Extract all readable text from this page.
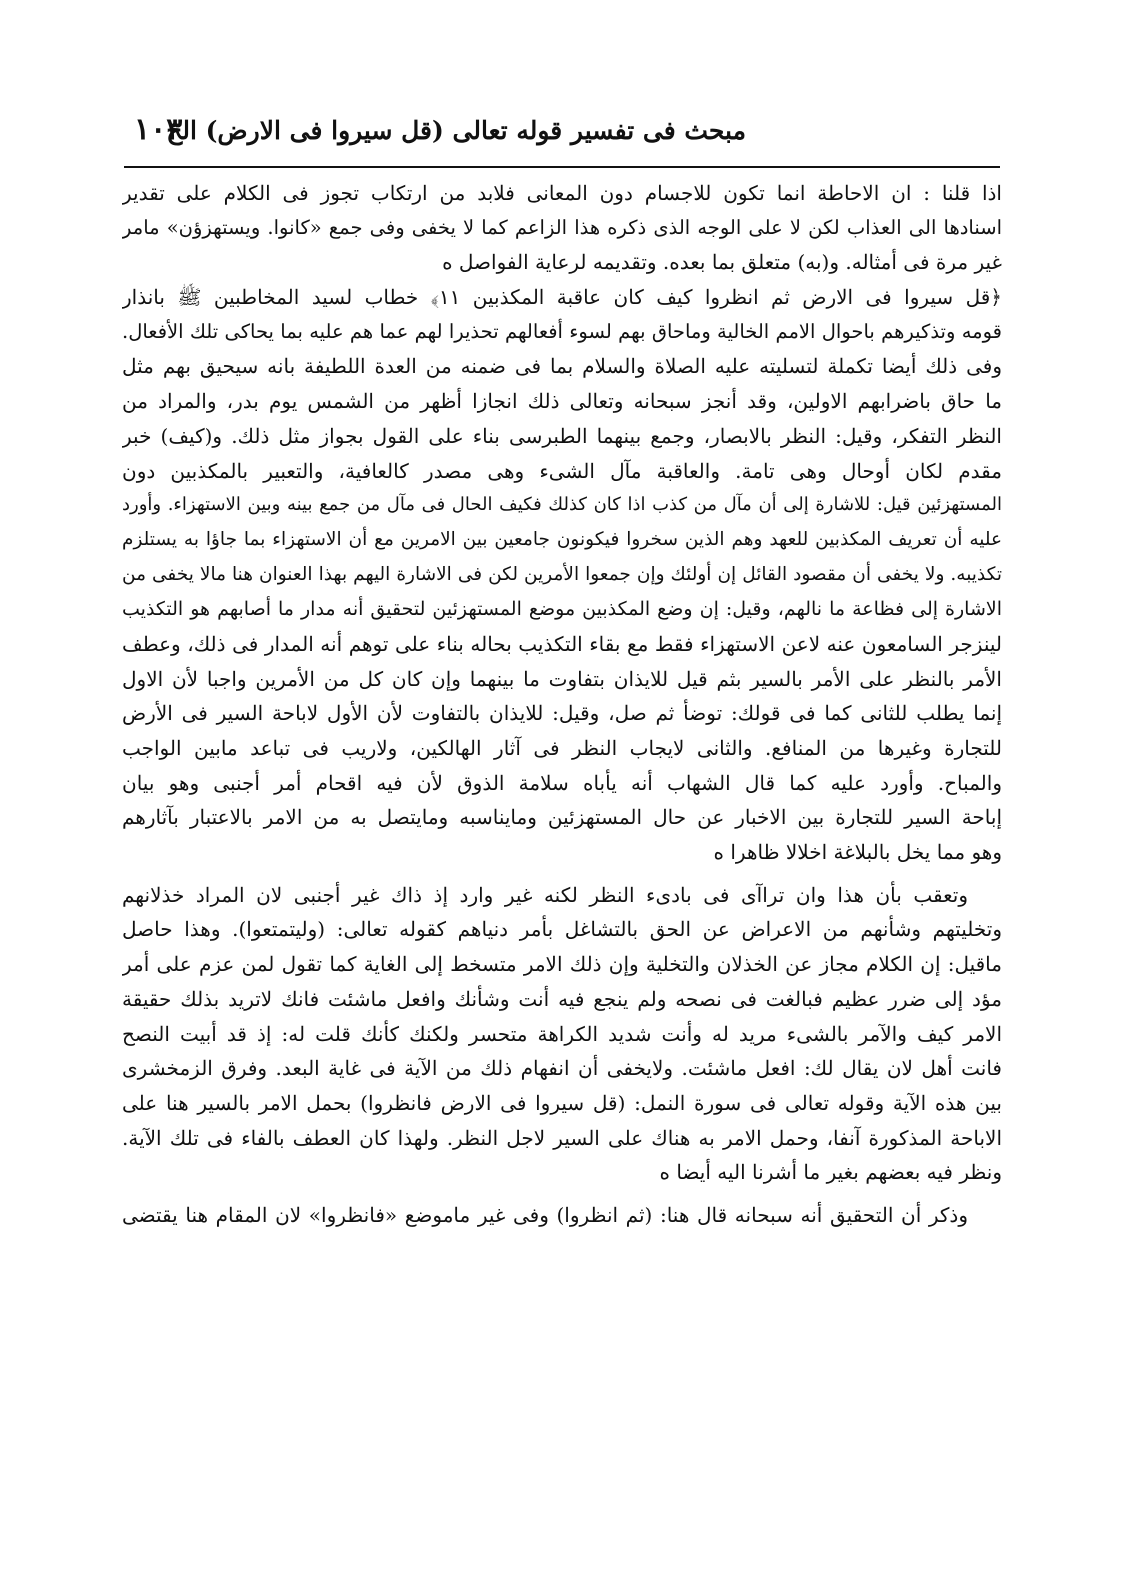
مبحث فى تفسير قوله تعالى (قل سيروا فى الارض) الخ
١٠٣
اذا قلنا : ان الاحاطة انما تكون للاجسام دون المعانى فلابد من ارتكاب تجوز فى الكلام على تقدير
اسنادها الى العذاب لكن لا على الوجه الذى ذكره هذا الزاعم كما لا يخفى وفى جمع «كانوا. ويستهزؤن» مامر
غير مرة فى أمثاله. و(به) متعلق بما بعده. وتقديمه لرعاية الفواصل ه
﴿قل سيروا فى الارض ثم انظروا كيف كان عاقبة المكذبين ١١﴾ خطاب لسيد المخاطبين ﷺ بانذار
قومه وتذكيرهم باحوال الامم الخالية وماحاق بهم لسوء أفعالهم تحذيرا لهم عما هم عليه بما يحاكى تلك الأفعال.
وفى ذلك أيضا تكملة لتسليته عليه الصلاة والسلام بما فى ضمنه من العدة اللطيفة بانه سيحيق بهم مثل
ما حاق باضرابهم الاولين، وقد أنجز سبحانه وتعالى ذلك انجازا أظهر من الشمس يوم بدر، والمراد من
النظر التفكر، وقيل: النظر بالابصار، وجمع بينهما الطبرسى بناء على القول بجواز مثل ذلك. و(كيف) خبر
مقدم لكان أوحال وهى تامة. والعاقبة مآل الشىء وهى مصدر كالعافية، والتعبير بالمكذبين دون
المستهزئين قيل: للاشارة إلى أن مآل من كذب اذا كان كذلك فكيف الحال فى مآل من جمع بينه وبين الاستهزاء. وأورد
عليه أن تعريف المكذبين للعهد وهم الذين سخروا فيكونون جامعين بين الامرين مع أن الاستهزاء بما جاؤا به يستلزم
تكذيبه. ولا يخفى أن مقصود القائل إن أولئك وإن جمعوا الأمرين لكن فى الاشارة اليهم بهذا العنوان هنا مالا يخفى من
الاشارة إلى فظاعة ما نالهم، وقيل: إن وضع المكذبين موضع المستهزئين لتحقيق أنه مدار ما أصابهم هو التكذيب
لينزجر السامعون عنه لاعن الاستهزاء فقط مع بقاء التكذيب بحاله بناء على توهم أنه المدار فى ذلك، وعطف
الأمر بالنظر على الأمر بالسير بثم قيل للايذان بتفاوت ما بينهما وإن كان كل من الأمرين واجبا لأن الاول
إنما يطلب للثانى كما فى قولك: توضأ ثم صل، وقيل: للايذان بالتفاوت لأن الأول لاباحة السير فى الأرض
للتجارة وغيرها من المنافع. والثانى لايجاب النظر فى آثار الهالكين، ولاريب فى تباعد مابين الواجب
والمباح. وأورد عليه كما قال الشهاب أنه يأباه سلامة الذوق لأن فيه اقحام أمر أجنبى وهو بيان
إباحة السير للتجارة بين الاخبار عن حال المستهزئين ومايناسبه ومايتصل به من الامر بالاعتبار بآثارهم
وهو مما يخل بالبلاغة اخلالا ظاهرا ه
وتعقب بأن هذا وان تراآى فى بادىء النظر لكنه غير وارد إذ ذاك غير أجنبى لان المراد خذلانهم
وتخليتهم وشأنهم من الاعراض عن الحق بالتشاغل بأمر دنياهم كقوله تعالى: (وليتمتعوا). وهذا حاصل
ماقيل: إن الكلام مجاز عن الخذلان والتخلية وإن ذلك الامر متسخط إلى الغاية كما تقول لمن عزم على أمر
مؤد إلى ضرر عظيم فبالغت فى نصحه ولم ينجع فيه أنت وشأنك وافعل ماشئت فانك لاتريد بذلك حقيقة
الامر كيف والآمر بالشىء مريد له وأنت شديد الكراهة متحسر ولكنك كأنك قلت له: إذ قد أبيت النصح
فانت أهل لان يقال لك: افعل ماشئت. ولايخفى أن انفهام ذلك من الآية فى غاية البعد. وفرق الزمخشرى
بين هذه الآية وقوله تعالى فى سورة النمل: (قل سيروا فى الارض فانظروا) بحمل الامر بالسير هنا على
الاباحة المذكورة آنفا، وحمل الامر به هناك على السير لاجل النظر. ولهذا كان العطف بالفاء فى تلك الآية.
ونظر فيه بعضهم بغير ما أشرنا اليه أيضا ه
وذكر أن التحقيق أنه سبحانه قال هنا: (ثم انظروا) وفى غير ماموضع «فانظروا» لان المقام هنا يقتضى
